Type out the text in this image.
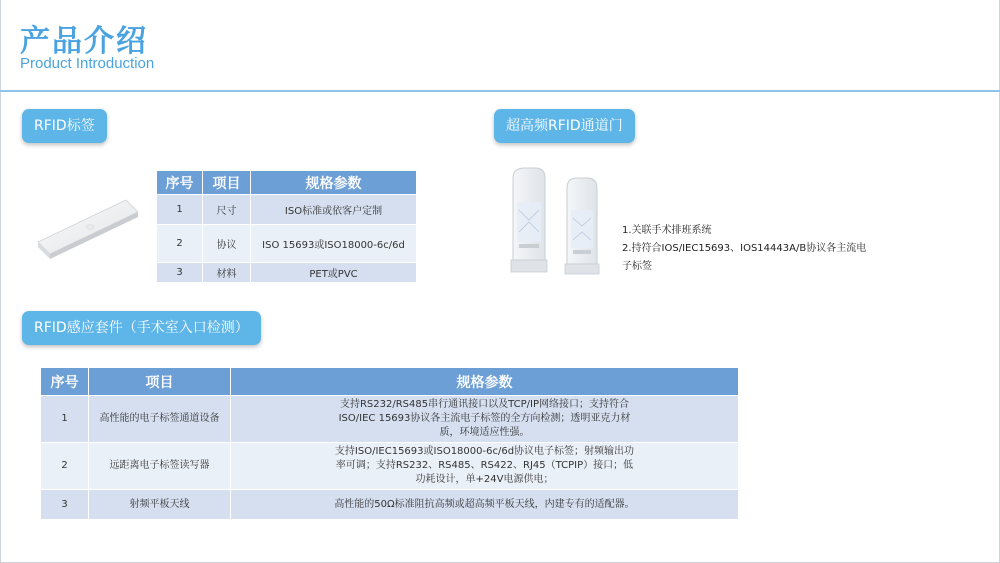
产品介绍
Product Introduction
RFID标签	超高频RFID通道门
RFID感应套件（手术室入口检测）
序号	项目	规格参数
1	尺寸	ISO标准或依客户定制
2	协议	ISO 15693或ISO18000-6c/6d
3	材料	PET或PVC
1.关联手术排班系统
2.持符合IOS/IEC15693、IOS14443A/B协议各主流电子标签
序号	项目	规格参数
1	高性能的电子标签通道设备	支持RS232/RS485串行通讯接口以及TCP/IP网络接口；支持符合ISO/IEC 15693协议各主流电子标签的全方向检测；透明亚克力材质，环境适应性强。
2	远距离电子标签读写器	支持ISO/IEC15693或ISO18000-6c/6d协议电子标签；射频输出功率可调；支持RS232、RS485、RS422、RJ45（TCPIP）接口；低功耗设计，单+24V电源供电；
3	射频平板天线	高性能的50Ω标准阻抗高频或超高频平板天线，内建专有的适配器。
